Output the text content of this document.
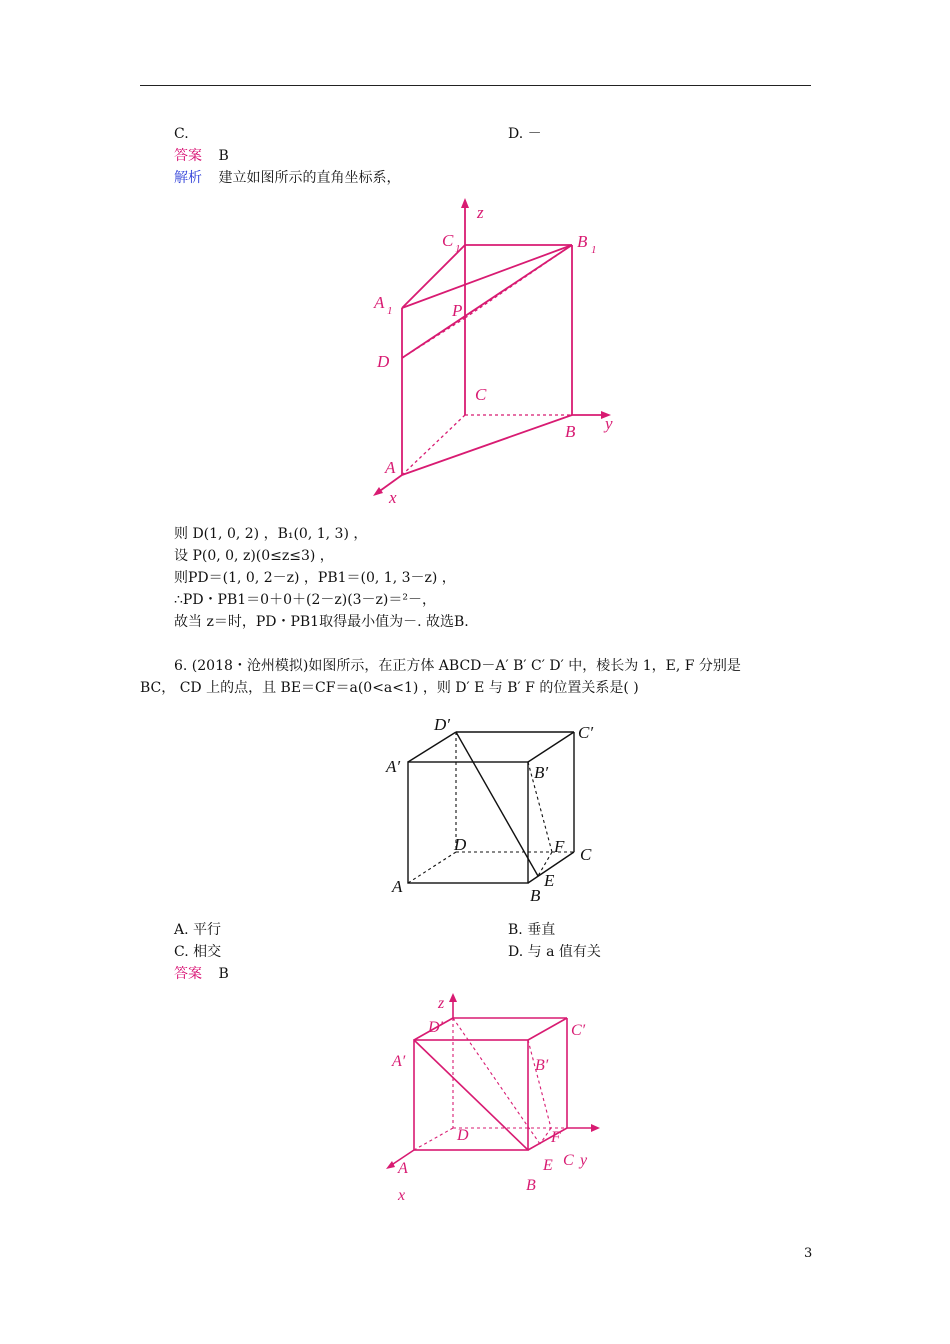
C.	D. －
答案 B
解析 建立如图所示的直角坐标系，
z
y
x
C 1	B 1
A 1	P
D
C
B
A
则 D(1, 0, 2) ，B₁(0, 1, 3) ，
设 P(0, 0, z)(0≤z≤3) ，
则PD＝(1, 0, 2－z) ，PB1＝(0, 1, 3－z) ，
∴PD・PB1＝0＋0＋(2－z)(3－z)＝²－，
故当 z＝时，PD・PB1取得最小值为－. 故选B.
6. (2018・沧州模拟)如图所示，在正方体 ABCD－A′ B′ C′ D′ 中，棱长为 1，E, F 分别是
BC， CD 上的点，且 BE＝CF＝a(0<a<1) ，则 D′ E 与 B′ F 的位置关系是( )
D′	C′
A′	B′
D	F C
A	B
E
A. 平行	B. 垂直
C. 相交	D. 与 a 值有关
答案 B
z
D′	C′
A′	B′
D	F
A	C y
E
B
x
3
